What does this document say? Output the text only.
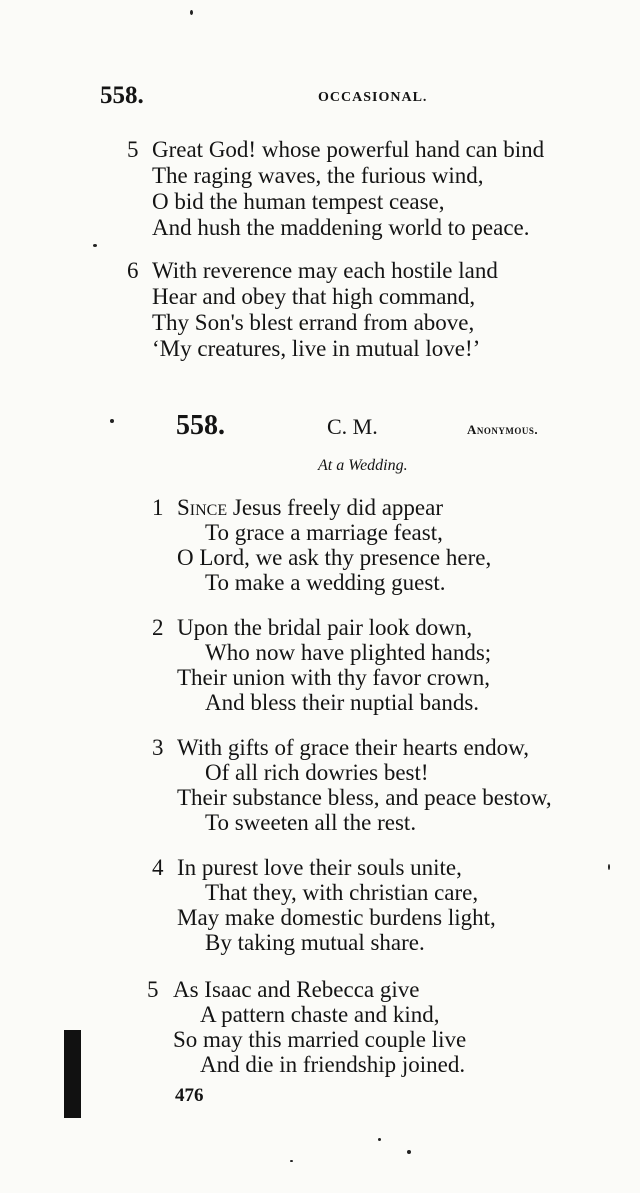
558.	OCCASIONAL.
5 Great God! whose powerful hand can bind
The raging waves, the furious wind,
O bid the human tempest cease,
And hush the maddening world to peace.
6 With reverence may each hostile land
Hear and obey that high command,
Thy Son's blest errand from above,
‘My creatures, live in mutual love!’
558.	C. M.	Anonymous.
At a Wedding.
1 Since Jesus freely did appear
To grace a marriage feast,
O Lord, we ask thy presence here,
To make a wedding guest.
2 Upon the bridal pair look down,
Who now have plighted hands;
Their union with thy favor crown,
And bless their nuptial bands.
3 With gifts of grace their hearts endow,
Of all rich dowries best!
Their substance bless, and peace bestow,
To sweeten all the rest.
4 In purest love their souls unite,
That they, with christian care,
May make domestic burdens light,
By taking mutual share.
5 As Isaac and Rebecca give
A pattern chaste and kind,
So may this married couple live
And die in friendship joined.
476
